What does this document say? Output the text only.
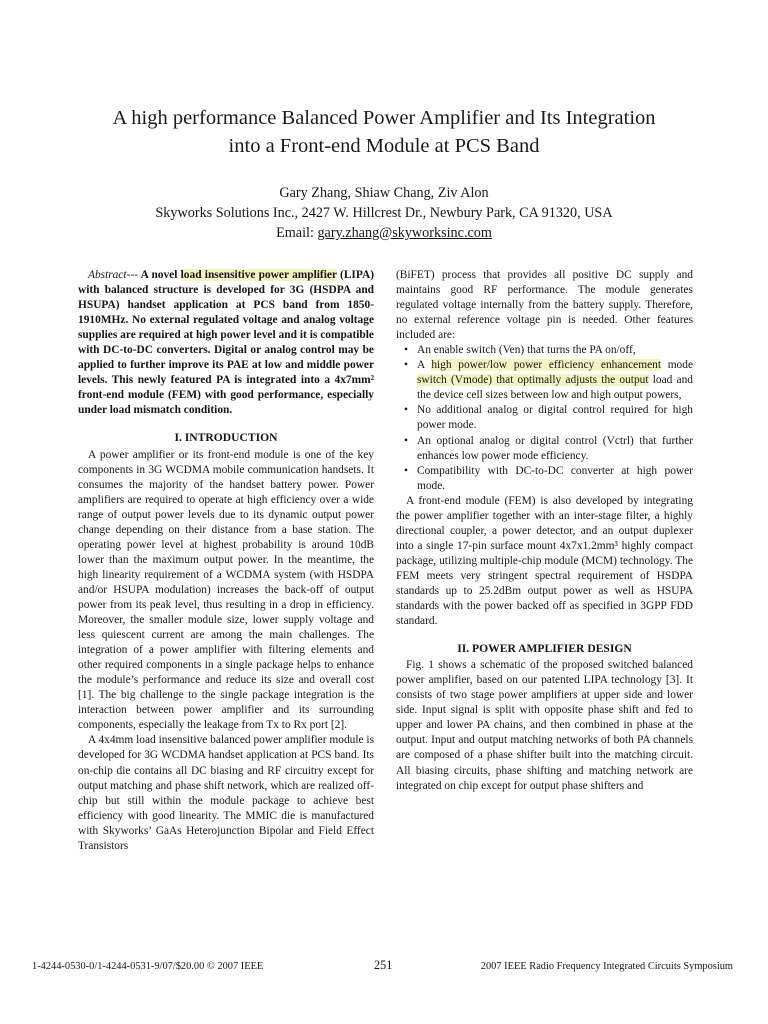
A high performance Balanced Power Amplifier and Its Integration
into a Front-end Module at PCS Band
Gary Zhang, Shiaw Chang, Ziv Alon
Skyworks Solutions Inc., 2427 W. Hillcrest Dr., Newbury Park, CA 91320, USA
Email: gary.zhang@skyworksinc.com

Abstract--- A novel load insensitive power amplifier (LIPA) with balanced structure is developed for 3G (HSDPA and HSUPA) handset application at PCS band from 1850-1910MHz. No external regulated voltage and analog voltage supplies are required at high power level and it is compatible with DC-to-DC converters. Digital or analog control may be applied to further improve its PAE at low and middle power levels. This newly featured PA is integrated into a 4x7mm² front-end module (FEM) with good performance, especially under load mismatch condition.

I. INTRODUCTION

A power amplifier or its front-end module is one of the key components in 3G WCDMA mobile communication handsets. It consumes the majority of the handset battery power. Power amplifiers are required to operate at high efficiency over a wide range of output power levels due to its dynamic output power change depending on their distance from a base station. The operating power level at highest probability is around 10dB lower than the maximum output power. In the meantime, the high linearity requirement of a WCDMA system (with HSDPA and/or HSUPA modulation) increases the back-off of output power from its peak level, thus resulting in a drop in efficiency. Moreover, the smaller module size, lower supply voltage and less quiescent current are among the main challenges. The integration of a power amplifier with filtering elements and other required components in a single package helps to enhance the module’s performance and reduce its size and overall cost [1]. The big challenge to the single package integration is the interaction between power amplifier and its surrounding components, especially the leakage from Tx to Rx port [2].

A 4x4mm load insensitive balanced power amplifier module is developed for 3G WCDMA handset application at PCS band. Its on-chip die contains all DC biasing and RF circuitry except for output matching and phase shift network, which are realized off-chip but still within the module package to achieve best efficiency with good linearity. The MMIC die is manufactured with Skyworks’ GaAs Heterojunction Bipolar and Field Effect Transistors

(BiFET) process that provides all positive DC supply and maintains good RF performance. The module generates regulated voltage internally from the battery supply. Therefore, no external reference voltage pin is needed. Other features included are:

• An enable switch (Ven) that turns the PA on/off,
• A high power/low power efficiency enhancement mode switch (Vmode) that optimally adjusts the output load and the device cell sizes between low and high output powers,
• No additional analog or digital control required for high power mode.
• An optional analog or digital control (Vctrl) that further enhances low power mode efficiency.
• Compatibility with DC-to-DC converter at high power mode.

A front-end module (FEM) is also developed by integrating the power amplifier together with an inter-stage filter, a highly directional coupler, a power detector, and an output duplexer into a single 17-pin surface mount 4x7x1.2mm³ highly compact package, utilizing multiple-chip module (MCM) technology. The FEM meets very stringent spectral requirement of HSDPA standards up to 25.2dBm output power as well as HSUPA standards with the power backed off as specified in 3GPP FDD standard.

II. POWER AMPLIFIER DESIGN

Fig. 1 shows a schematic of the proposed switched balanced power amplifier, based on our patented LIPA technology [3]. It consists of two stage power amplifiers at upper side and lower side. Input signal is split with opposite phase shift and fed to upper and lower PA chains, and then combined in phase at the output. Input and output matching networks of both PA channels are composed of a phase shifter built into the matching circuit. All biasing circuits, phase shifting and matching network are integrated on chip except for output phase shifters and

1-4244-0530-0/1-4244-0531-9/07/$20.00 © 2007 IEEE	251	2007 IEEE Radio Frequency Integrated Circuits Symposium
